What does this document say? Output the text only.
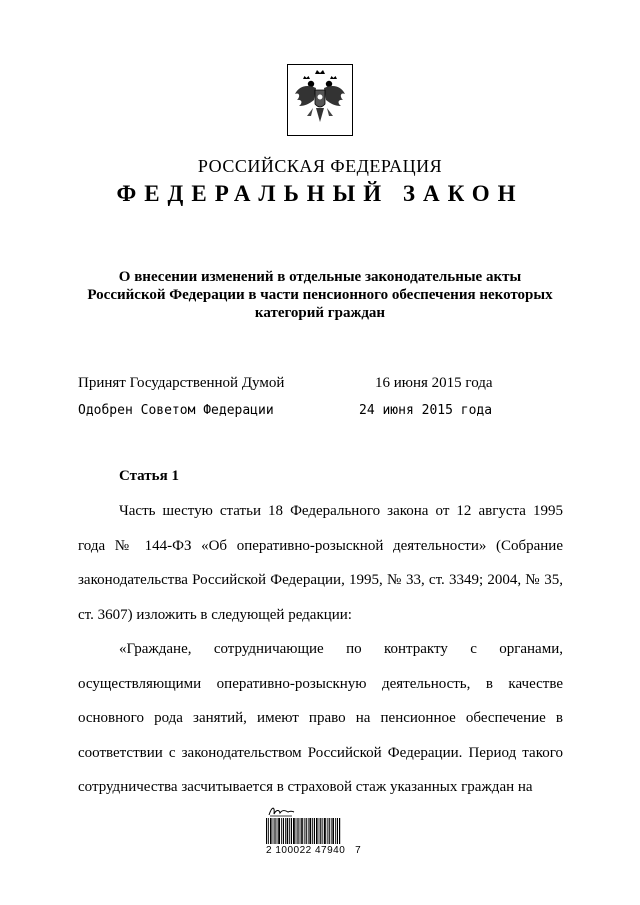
РОССИЙСКАЯ ФЕДЕРАЦИЯ
ФЕДЕРАЛЬНЫЙ ЗАКОН
О внесении изменений в отдельные законодательные акты
Российской Федерации в части пенсионного обеспечения некоторых
категорий граждан
Принят Государственной Думой	16 июня 2015 года
Одобрен Советом Федерации	24 июня 2015 года
Статья 1

Часть шестую статьи 18 Федерального закона от 12 августа 1995 года № 144-ФЗ «Об оперативно-розыскной деятельности» (Собрание законодательства Российской Федерации, 1995, № 33, ст. 3349; 2004, № 35, ст. 3607) изложить в следующей редакции:

«Граждане, сотрудничающие по контракту с органами, осуществляющими оперативно-розыскную деятельность, в качестве основного рода занятий, имеют право на пенсионное обеспечение в соответствии с законодательством Российской Федерации. Период такого сотрудничества засчитывается в страховой стаж указанных граждан на

2 100022 47940   7
